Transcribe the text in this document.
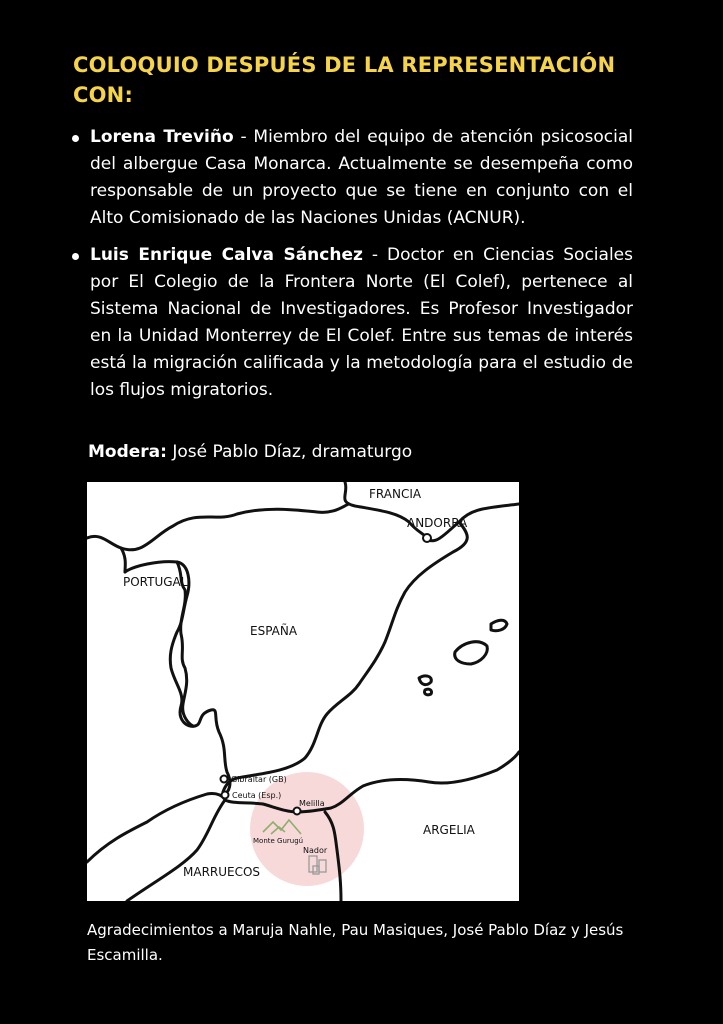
COLOQUIO DESPUÉS DE LA REPRESENTACIÓN CON:
Lorena Treviño - Miembro del equipo de atención psicosocial del albergue Casa Monarca. Actualmente se desempeña como responsable de un proyecto que se tiene en conjunto con el Alto Comisionado de las Naciones Unidas (ACNUR).
Luis Enrique Calva Sánchez - Doctor en Ciencias Sociales por El Colegio de la Frontera Norte (El Colef), pertenece al Sistema Nacional de Investigadores. Es Profesor Investigador en la Unidad Monterrey de El Colef. Entre sus temas de interés está la migración calificada y la metodología para el estudio de los flujos migratorios.
Modera: José Pablo Díaz, dramaturgo
FRANCIA
ANDORRA
PORTUGAL
ESPAÑA
Gibraltar (GB)
Ceuta (Esp.)
Melilla
Monte Gurugú
Nador
ARGELIA
MARRUECOS
Agradecimientos a Maruja Nahle, Pau Masiques, José Pablo Díaz y Jesús Escamilla.
